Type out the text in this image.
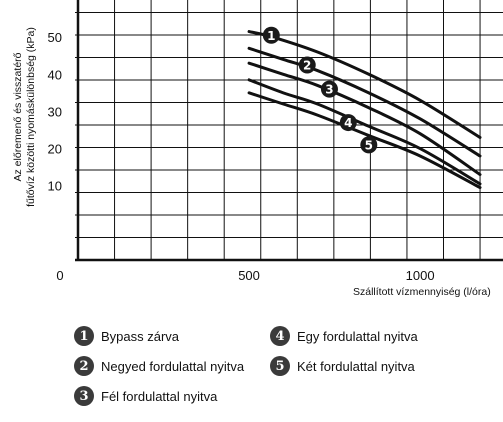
10
20
30
40
50
0	500	1000
Szállított vízmennyiség (l/óra)
Az előremenő és visszatérő fűtővíz közötti nyomáskülönbség (kPa)	1
2
3
4
5
1 Bypass zárva
2 Negyed fordulattal nyitva
3 Fél fordulattal nyitva
4 Egy fordulattal nyitva
5 Két fordulattal nyitva
